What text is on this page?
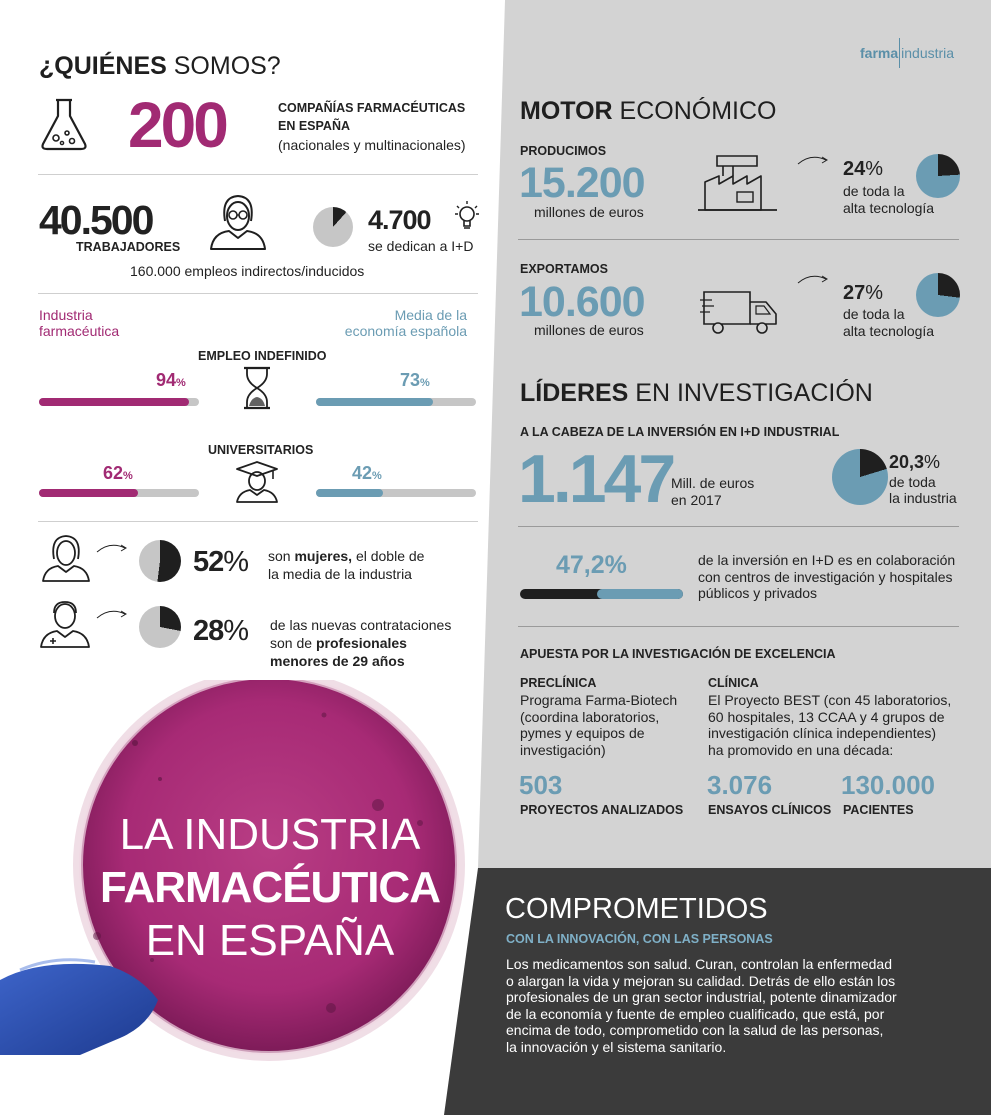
farma industria
¿QUIÉNES SOMOS?
200	COMPAÑÍAS FARMACÉUTICAS
EN ESPAÑA
(nacionales y multinacionales)
40.500
TRABAJADORES
4.700
se dedican a I+D
160.000 empleos indirectos/inducidos
Industria
farmacéutica
Media de la
economía española
EMPLEO INDEFINIDO
94%	73%
UNIVERSITARIOS
62%	42%
52% son mujeres, el doble de
la media de la industria
28% de las nuevas contrataciones
son de profesionales
menores de 29 años
LA INDUSTRIA
FARMACÉUTICA
EN ESPAÑA
MOTOR ECONÓMICO
PRODUCIMOS
15.200
millones de euros
24%
de toda la
alta tecnología
EXPORTAMOS
10.600
millones de euros
27%
de toda la
alta tecnología
LÍDERES EN INVESTIGACIÓN
A LA CABEZA DE LA INVERSIÓN EN I+D INDUSTRIAL
1.147
Mill. de euros
en 2017
20,3%
de toda
la industria
47,2%	de la inversión en I+D es en colaboración
con centros de investigación y hospitales
públicos y privados
APUESTA POR LA INVESTIGACIÓN DE EXCELENCIA
PRECLÍNICA
Programa Farma-Biotech
(coordina laboratorios,
pymes y equipos de
investigación)
503
PROYECTOS ANALIZADOS
CLÍNICA
El Proyecto BEST (con 45 laboratorios,
60 hospitales, 13 CCAA y 4 grupos de
investigación clínica independientes)
ha promovido en una década:
3.076
ENSAYOS CLÍNICOS
130.000
PACIENTES
COMPROMETIDOS
CON LA INNOVACIÓN, CON LAS PERSONAS
Los medicamentos son salud. Curan, controlan la enfermedad
o alargan la vida y mejoran su calidad. Detrás de ello están los
profesionales de un gran sector industrial, potente dinamizador
de la economía y fuente de empleo cualificado, que está, por
encima de todo, comprometido con la salud de las personas,
la innovación y el sistema sanitario.
